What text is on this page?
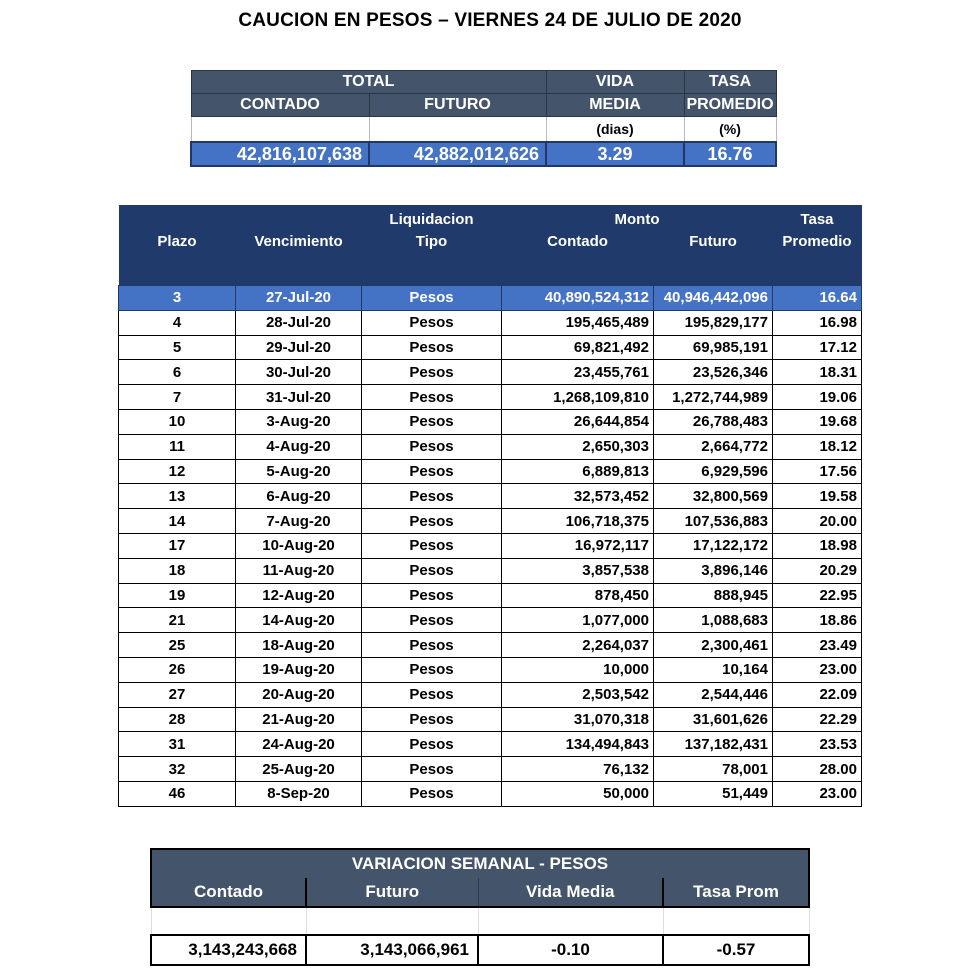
CAUCION EN PESOS – VIERNES 24 DE JULIO DE 2020
TOTAL		VIDA	TASA
CONTADO	FUTURO	MEDIA	PROMEDIO
		(dias)	(%)
42,816,107,638	42,882,012,626	3.29	16.76
		Liquidacion	Monto		Tasa
Plazo	Vencimiento	Tipo	Contado	Futuro	Promedio

3	27-Jul-20	Pesos	40,890,524,312	40,946,442,096	16.64
4	28-Jul-20	Pesos	195,465,489	195,829,177	16.98
5	29-Jul-20	Pesos	69,821,492	69,985,191	17.12
6	30-Jul-20	Pesos	23,455,761	23,526,346	18.31
7	31-Jul-20	Pesos	1,268,109,810	1,272,744,989	19.06
10	3-Aug-20	Pesos	26,644,854	26,788,483	19.68
11	4-Aug-20	Pesos	2,650,303	2,664,772	18.12
12	5-Aug-20	Pesos	6,889,813	6,929,596	17.56
13	6-Aug-20	Pesos	32,573,452	32,800,569	19.58
14	7-Aug-20	Pesos	106,718,375	107,536,883	20.00
17	10-Aug-20	Pesos	16,972,117	17,122,172	18.98
18	11-Aug-20	Pesos	3,857,538	3,896,146	20.29
19	12-Aug-20	Pesos	878,450	888,945	22.95
21	14-Aug-20	Pesos	1,077,000	1,088,683	18.86
25	18-Aug-20	Pesos	2,264,037	2,300,461	23.49
26	19-Aug-20	Pesos	10,000	10,164	23.00
27	20-Aug-20	Pesos	2,503,542	2,544,446	22.09
28	21-Aug-20	Pesos	31,070,318	31,601,626	22.29
31	24-Aug-20	Pesos	134,494,843	137,182,431	23.53
32	25-Aug-20	Pesos	76,132	78,001	28.00
46	8-Sep-20	Pesos	50,000	51,449	23.00
VARIACION SEMANAL - PESOS			
Contado	Futuro	Vida Media	Tasa Prom

3,143,243,668	3,143,066,961	-0.10	-0.57
